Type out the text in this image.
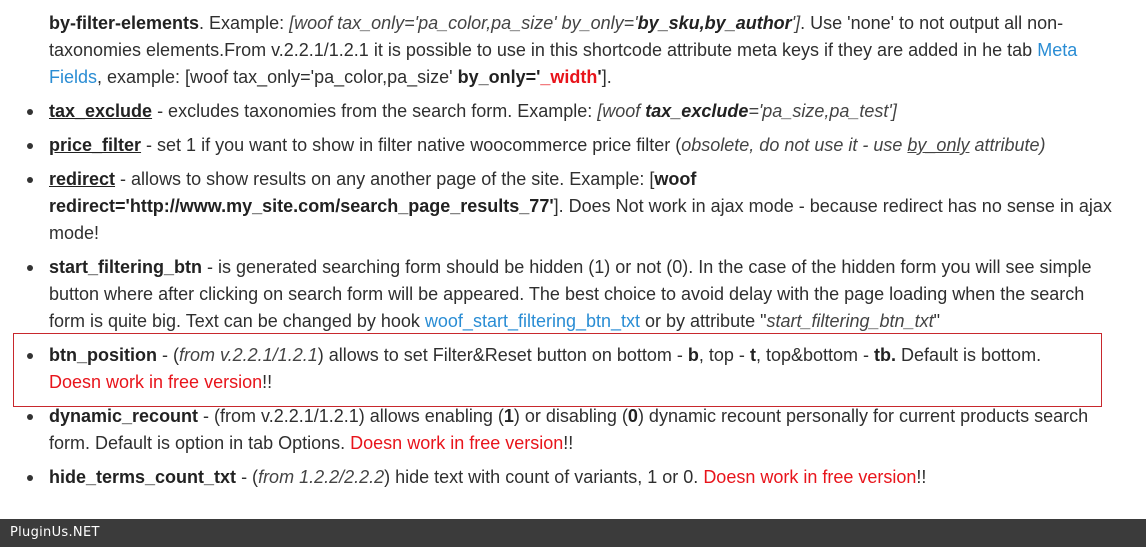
by-filter-elements. Example: [woof tax_only='pa_color,pa_size' by_only='by_sku,by_author']. Use 'none' to not output all non-taxonomies elements.From v.2.2.1/1.2.1 it is possible to use in this shortcode attribute meta keys if they are added in he tab Meta Fields, example: [woof tax_only='pa_color,pa_size' by_only='_width'].

tax_exclude - excludes taxonomies from the search form. Example: [woof tax_exclude='pa_size,pa_test']

price_filter - set 1 if you want to show in filter native woocommerce price filter (obsolete, do not use it - use by_only attribute)

redirect - allows to show results on any another page of the site. Example: [woof redirect='http://www.my_site.com/search_page_results_77']. Does Not work in ajax mode - because redirect has no sense in ajax mode!

start_filtering_btn - is generated searching form should be hidden (1) or not (0). In the case of the hidden form you will see simple button where after clicking on search form will be appeared. The best choice to avoid delay with the page loading when the search form is quite big. Text can be changed by hook woof_start_filtering_btn_txt or by attribute "start_filtering_btn_txt"

btn_position - (from v.2.2.1/1.2.1) allows to set Filter&Reset button on bottom - b, top - t, top&bottom - tb. Default is bottom. Doesn work in free version!!

dynamic_recount - (from v.2.2.1/1.2.1) allows enabling (1) or disabling (0) dynamic recount personally for current products search form. Default is option in tab Options. Doesn work in free version!!

hide_terms_count_txt - (from 1.2.2/2.2.2) hide text with count of variants, 1 or 0. Doesn work in free version!!

PluginUs.NET
